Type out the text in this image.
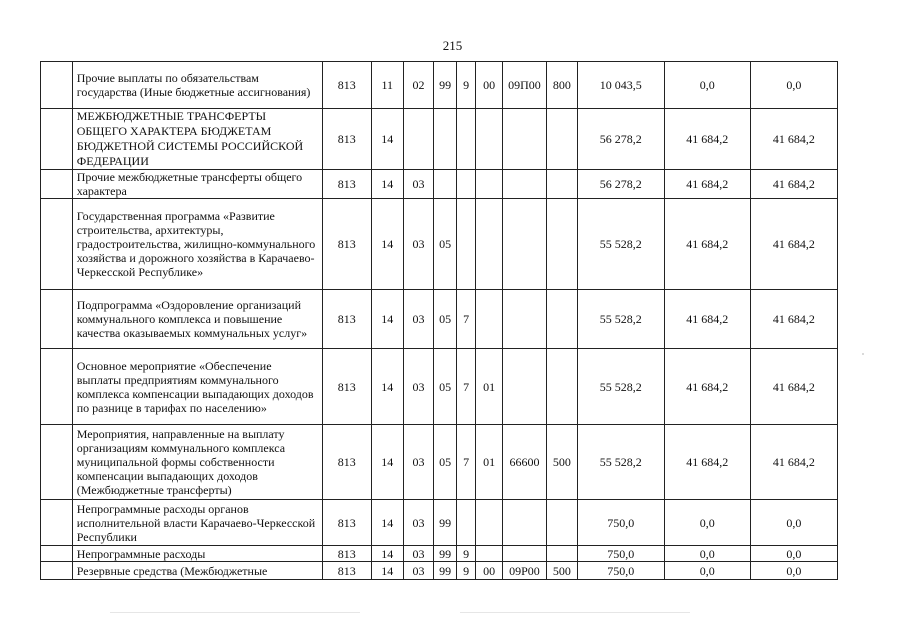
215
	Прочие выплаты по обязательствам государства (Иные бюджетные ассигнования)	813	11	02	99	9	00	09П00	800	10 043,5	0,0	0,0
	МЕЖБЮДЖЕТНЫЕ ТРАНСФЕРТЫ ОБЩЕГО ХАРАКТЕРА БЮДЖЕТАМ БЮДЖЕТНОЙ СИСТЕМЫ РОССИЙСКОЙ ФЕДЕРАЦИИ	813	14							56 278,2	41 684,2	41 684,2
	Прочие межбюджетные трансферты общего характера	813	14	03						56 278,2	41 684,2	41 684,2
	Государственная программа «Развитие строительства, архитектуры, градостроительства, жилищно-коммунального хозяйства и дорожного хозяйства в Карачаево-Черкесской Республике»	813	14	03	05					55 528,2	41 684,2	41 684,2
	Подпрограмма «Оздоровление организаций коммунального комплекса и повышение качества оказываемых коммунальных услуг»	813	14	03	05	7				55 528,2	41 684,2	41 684,2
	Основное мероприятие «Обеспечение выплаты предприятиям коммунального комплекса компенсации выпадающих доходов по разнице в тарифах по населению»	813	14	03	05	7	01			55 528,2	41 684,2	41 684,2
	Мероприятия, направленные на выплату организациям коммунального комплекса муниципальной формы собственности компенсации выпадающих доходов (Межбюджетные трансферты)	813	14	03	05	7	01	66600	500	55 528,2	41 684,2	41 684,2
	Непрограммные расходы органов исполнительной власти Карачаево-Черкесской Республики	813	14	03	99					750,0	0,0	0,0
	Непрограммные расходы	813	14	03	99	9				750,0	0,0	0,0
	Резервные средства (Межбюджетные	813	14	03	99	9	00	09Р00	500	750,0	0,0	0,0
